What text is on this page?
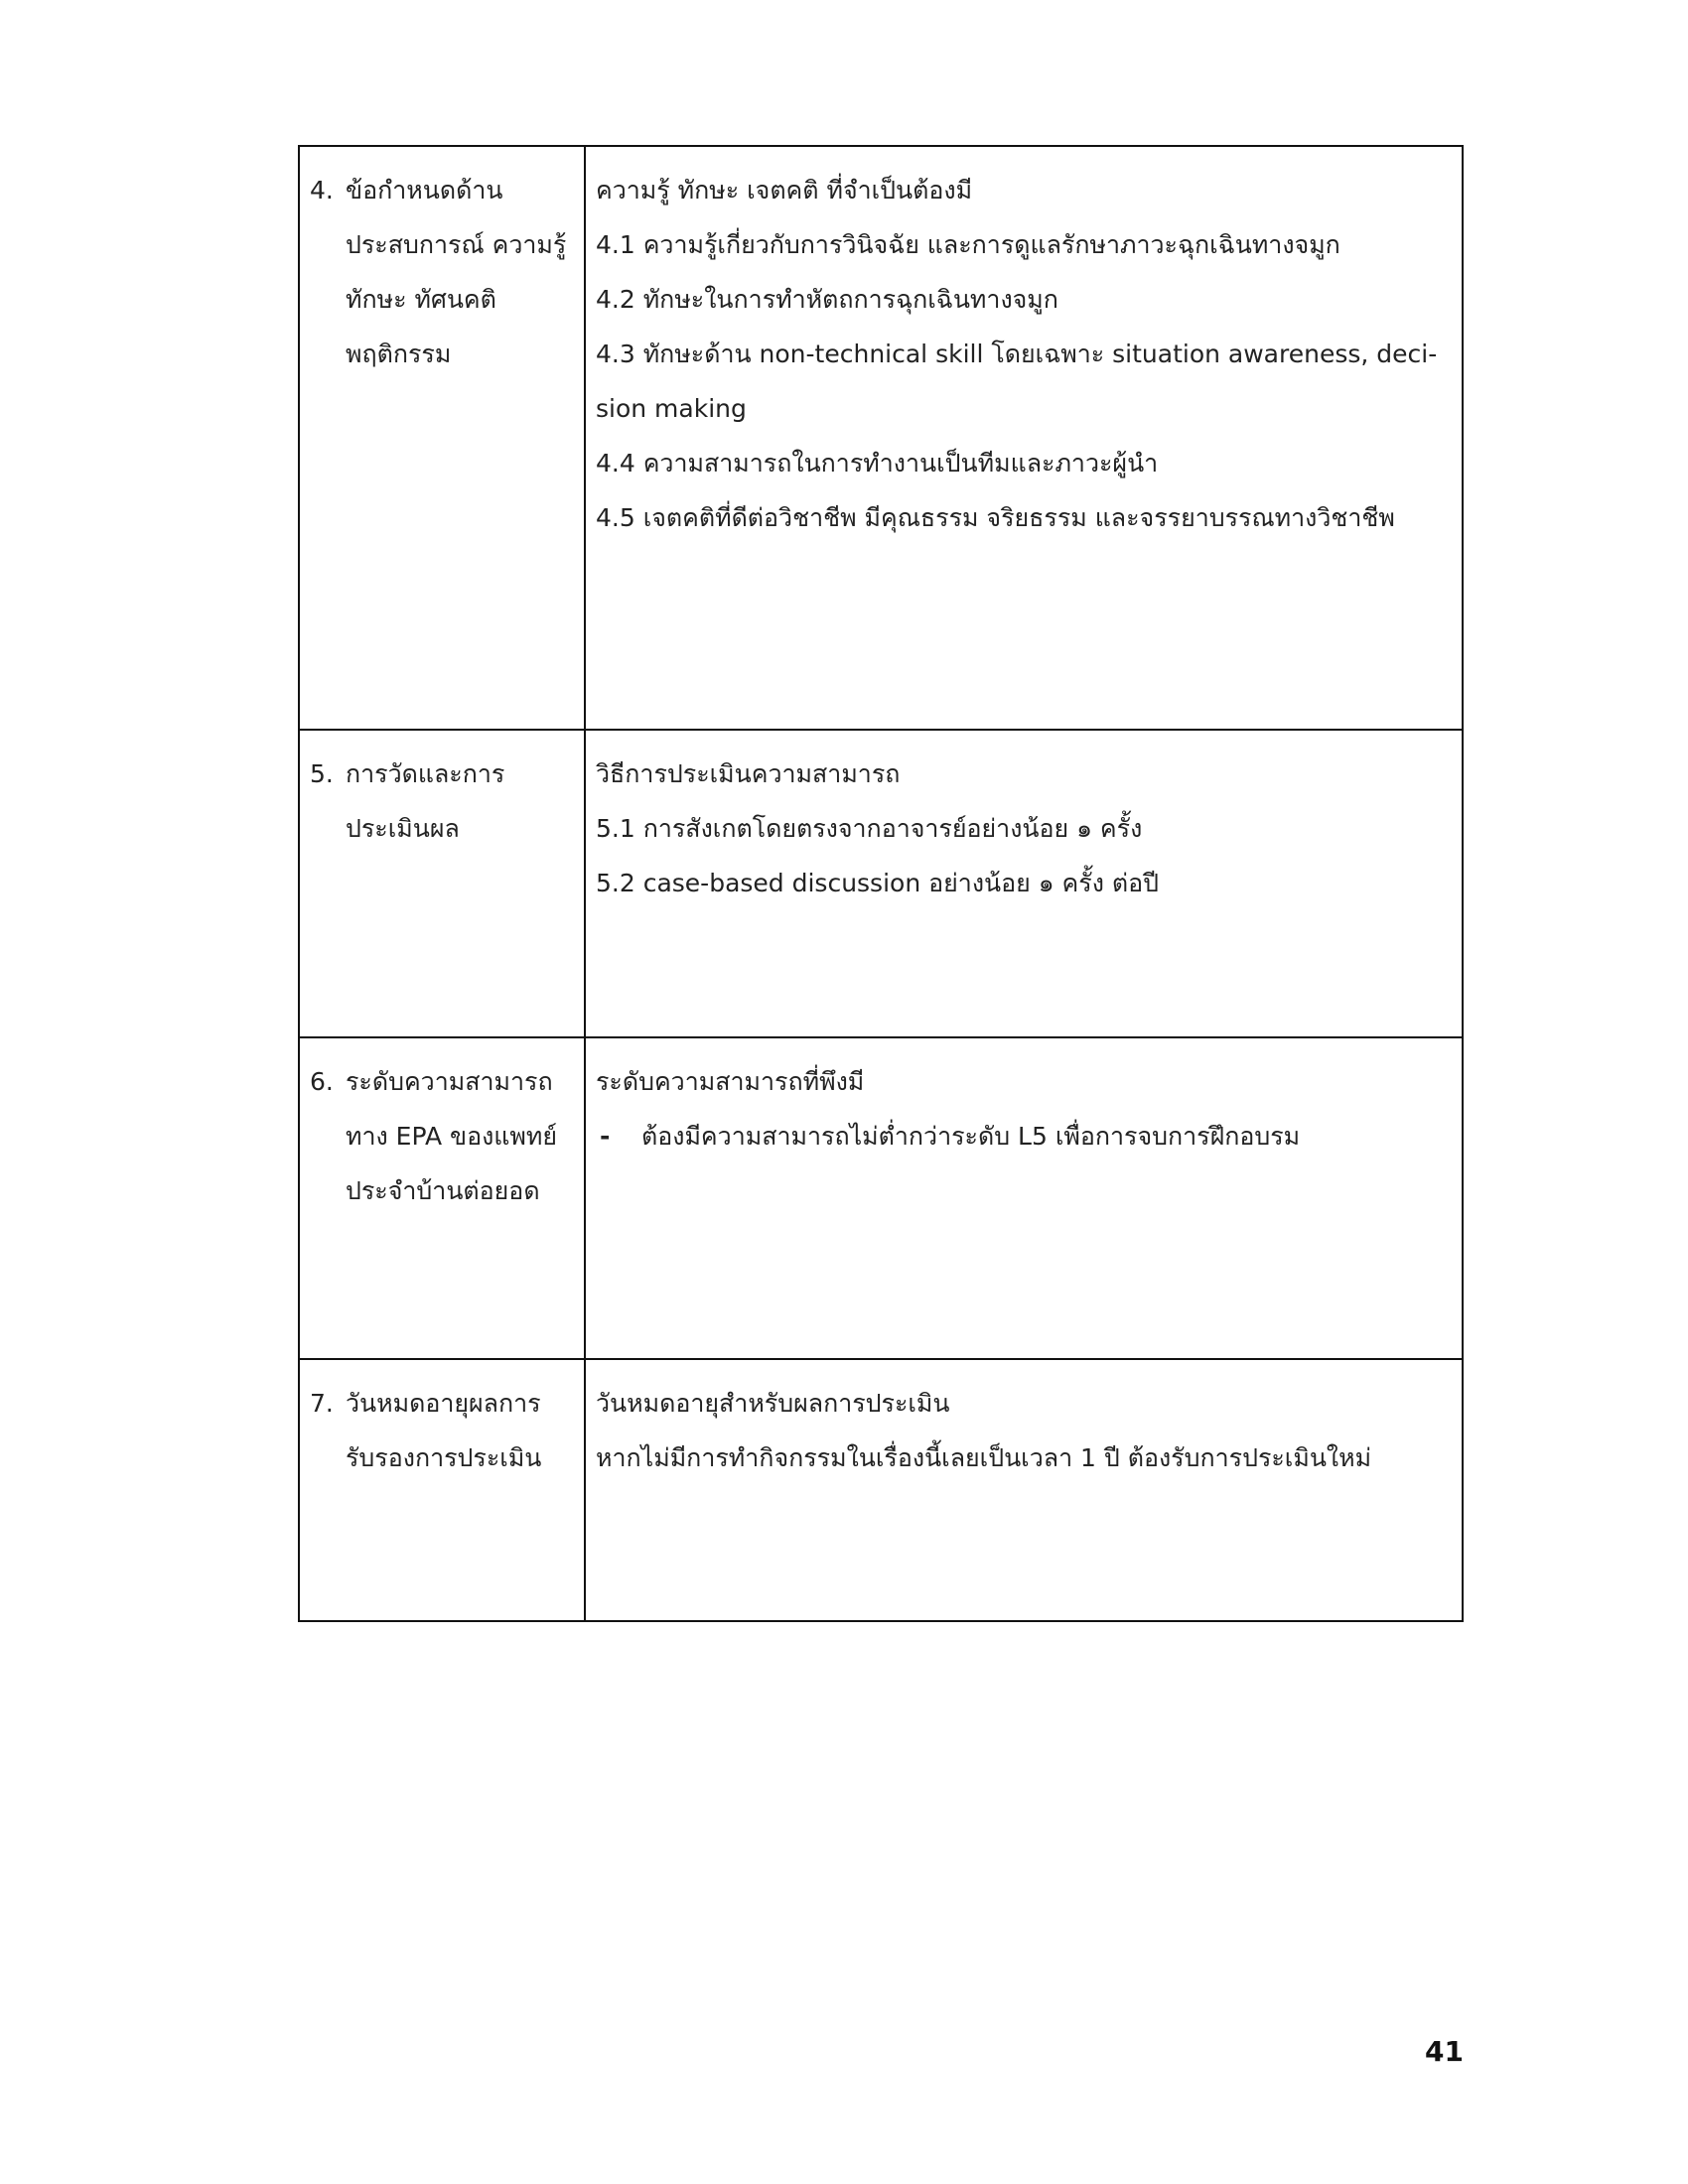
4. ข้อกำหนดด้าน
ประสบการณ์ ความรู้
ทักษะ ทัศนคติ
พฤติกรรม
ความรู้ ทักษะ เจตคติ ที่จำเป็นต้องมี
4.1 ความรู้เกี่ยวกับการวินิจฉัย และการดูแลรักษาภาวะฉุกเฉินทางจมูก
4.2 ทักษะในการทำหัตถการฉุกเฉินทางจมูก
4.3 ทักษะด้าน non-technical skill โดยเฉพาะ situation awareness, deci-
sion making
4.4 ความสามารถในการทำงานเป็นทีมและภาวะผู้นำ
4.5 เจตคติที่ดีต่อวิชาชีพ มีคุณธรรม จริยธรรม และจรรยาบรรณทางวิชาชีพ
5. การวัดและการ
ประเมินผล
วิธีการประเมินความสามารถ
5.1 การสังเกตโดยตรงจากอาจารย์อย่างน้อย ๑ ครั้ง
5.2 case-based discussion อย่างน้อย ๑ ครั้ง ต่อปี
6. ระดับความสามารถ
ทาง EPA ของแพทย์
ประจำบ้านต่อยอด
ระดับความสามารถที่พึงมี
-	ต้องมีความสามารถไม่ต่ำกว่าระดับ L5 เพื่อการจบการฝึกอบรม
7. วันหมดอายุผลการ
รับรองการประเมิน
วันหมดอายุสำหรับผลการประเมิน
หากไม่มีการทำกิจกรรมในเรื่องนี้เลยเป็นเวลา 1 ปี ต้องรับการประเมินใหม่
41
